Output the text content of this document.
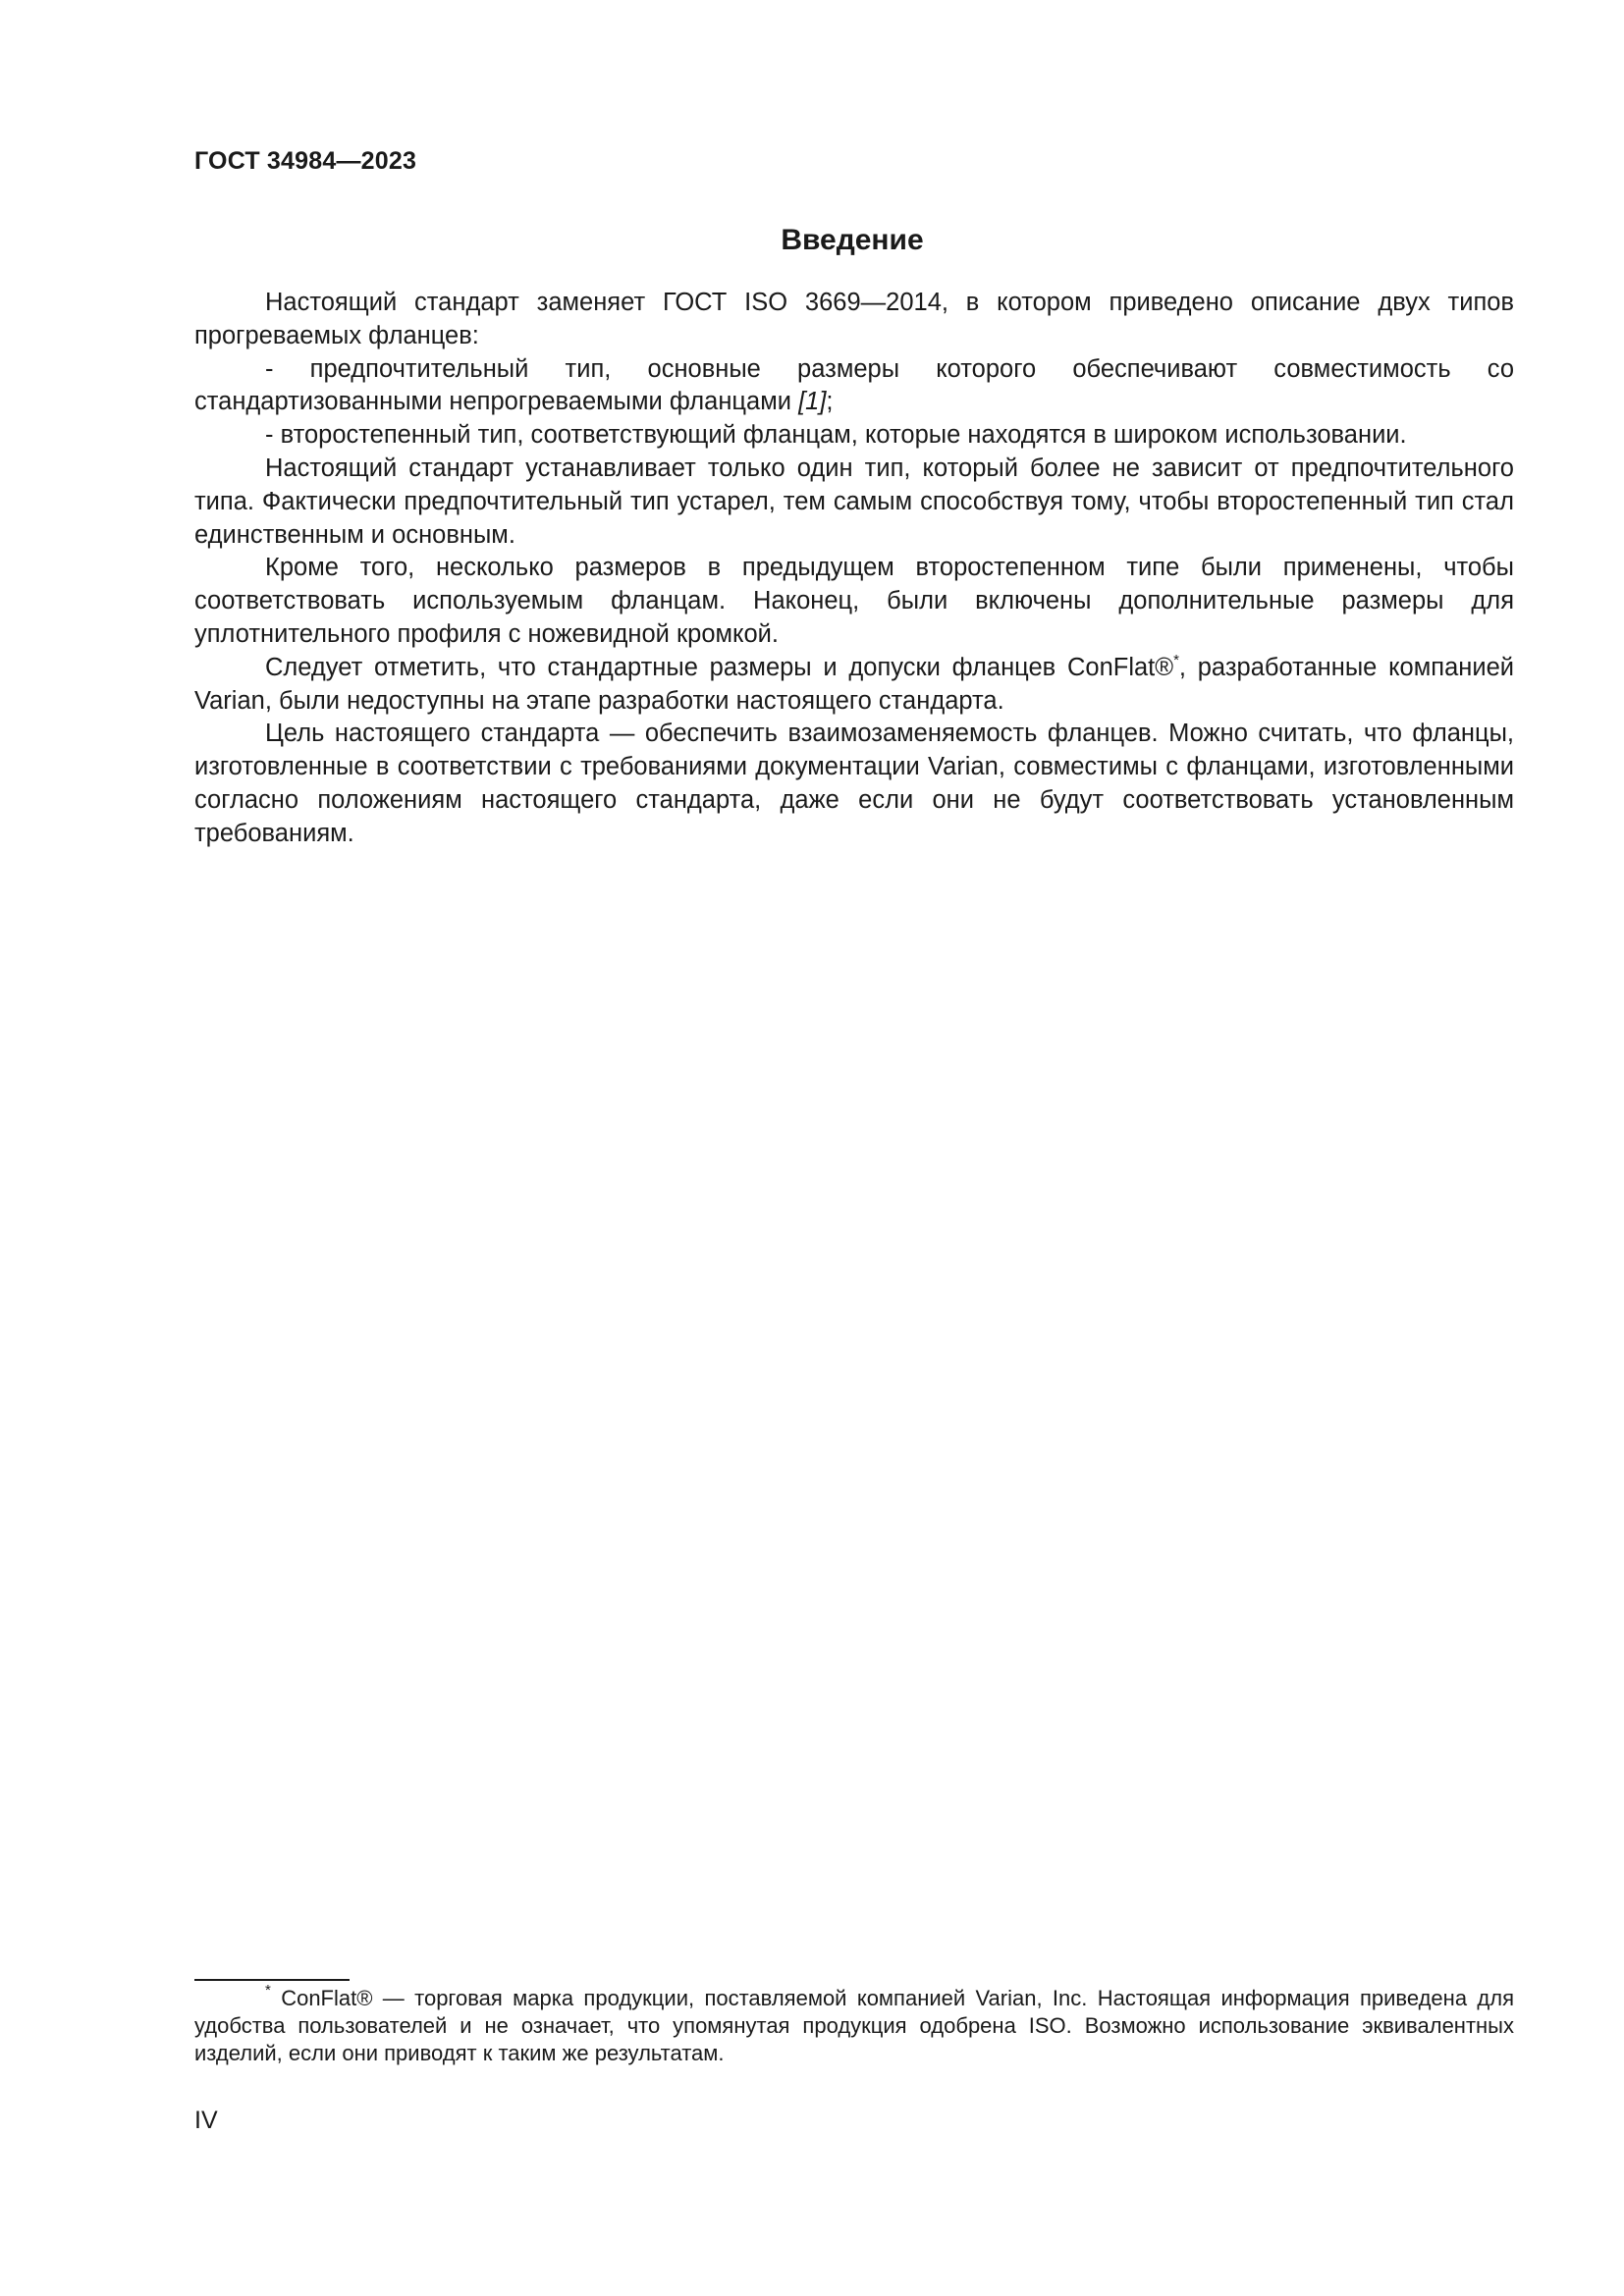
ГОСТ 34984—2023
Введение

Настоящий стандарт заменяет ГОСТ ISO 3669—2014, в котором приведено описание двух типов прогреваемых фланцев:

- предпочтительный тип, основные размеры которого обеспечивают совместимость со стандартизованными непрогреваемыми фланцами [1];

- второстепенный тип, соответствующий фланцам, которые находятся в широком использовании.

Настоящий стандарт устанавливает только один тип, который более не зависит от предпочтительного типа. Фактически предпочтительный тип устарел, тем самым способствуя тому, чтобы второстепенный тип стал единственным и основным.

Кроме того, несколько размеров в предыдущем второстепенном типе были применены, чтобы соответствовать используемым фланцам. Наконец, были включены дополнительные размеры для уплотнительного профиля с ножевидной кромкой.

Следует отметить, что стандартные размеры и допуски фланцев ConFlat®*, разработанные компанией Varian, были недоступны на этапе разработки настоящего стандарта.

Цель настоящего стандарта — обеспечить взаимозаменяемость фланцев. Можно считать, что фланцы, изготовленные в соответствии с требованиями документации Varian, совместимы с фланцами, изготовленными согласно положениям настоящего стандарта, даже если они не будут соответствовать установленным требованиям.

* ConFlat® — торговая марка продукции, поставляемой компанией Varian, Inc. Настоящая информация приведена для удобства пользователей и не означает, что упомянутая продукция одобрена ISO. Возможно использование эквивалентных изделий, если они приводят к таким же результатам.

IV
